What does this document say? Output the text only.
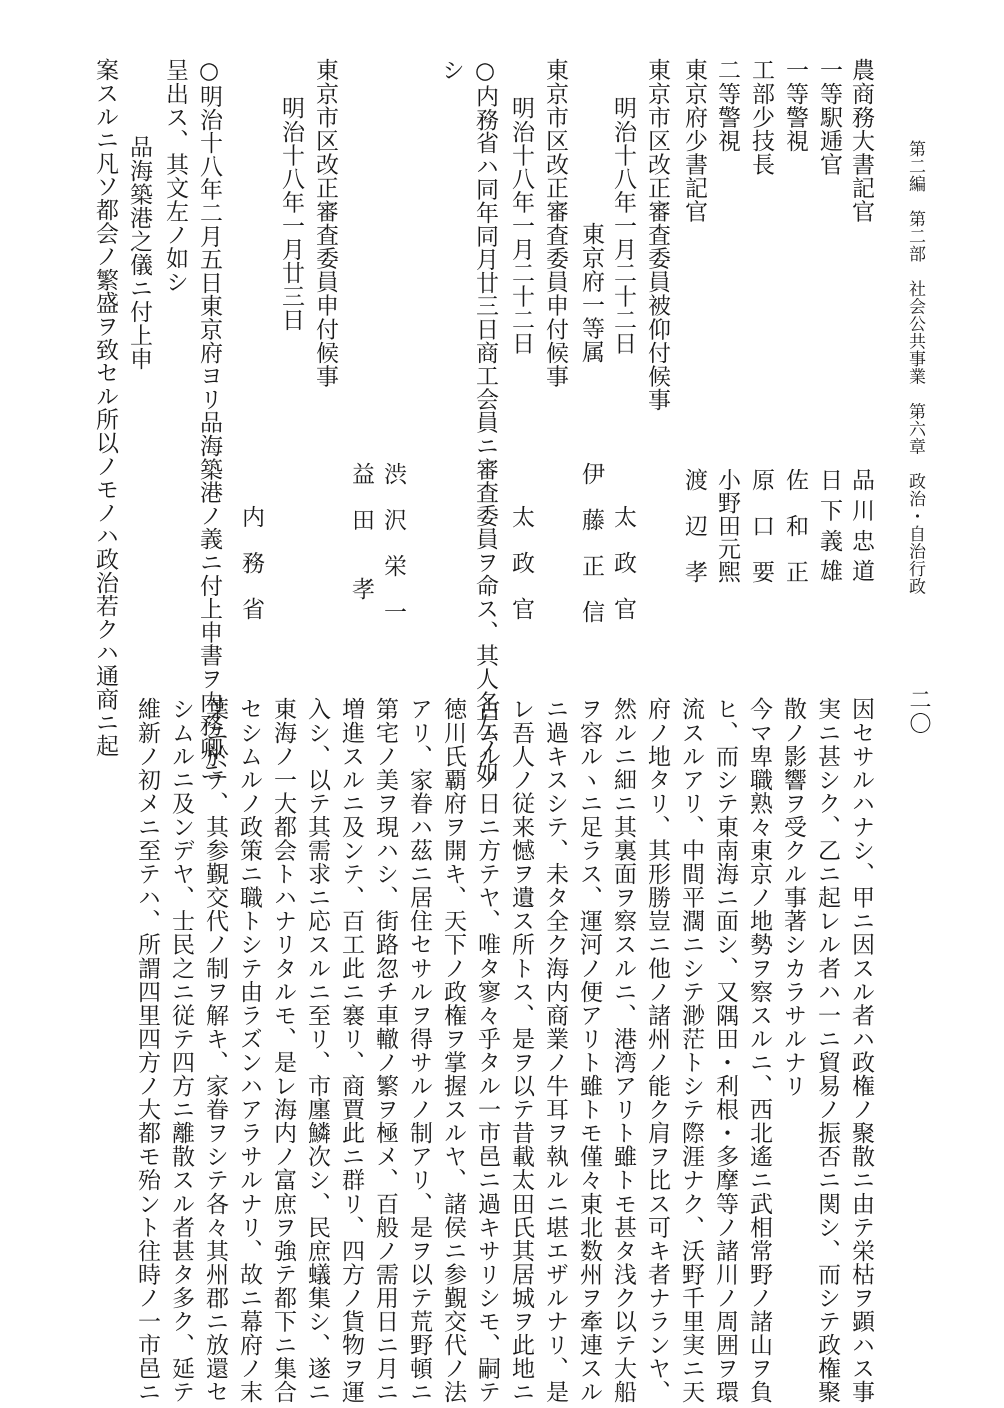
第二編　第二部　社会公共事業　第六章　政治・自治行政
農商務大書記官
品 川 忠 道
一等駅逓官
日 下 義 雄
一等警視
佐　和　正
工部少技長
原　口　要
二等警視
小野田元煕
東京府少書記官
渡　辺　孝
東京市区改正審査委員被仰付候事
明治十八年一月二十二日
太　政　官
東京府一等属
伊　藤　正　信
東京市区改正審査委員申付候事
明治十八年一月二十二日
太　政　官
○内務省ハ同年同月廿三日商工会員ニ審査委員ヲ命ス、其人名左ノ如
シ
渋　沢　栄　一
益　田　　孝
東京市区改正審査委員申付候事
明治十八年一月廿三日
内　務　省
○明治十八年二月五日東京府ヨリ品海築港ノ義ニ付上申書ヲ内務卿ニ
呈出ス、其文左ノ如シ
品海築港之儀ニ付上申
案スルニ凡ソ都会ノ繁盛ヲ致セル所以ノモノハ政治若クハ通商ニ起	二〇
因セサルハナシ、甲ニ因スル者ハ政権ノ聚散ニ由テ栄枯ヲ顕ハス事
実ニ甚シク、乙ニ起レル者ハ一ニ貿易ノ振否ニ関シ、而シテ政権聚
散ノ影響ヲ受クル事著シカラサルナリ
今マ卑職熟々東京ノ地勢ヲ察スルニ、西北遙ニ武相常野ノ諸山ヲ負
ヒ、而シテ東南海ニ面シ、又隅田・利根・多摩等ノ諸川ノ周囲ヲ環
流スルアリ、中間平濶ニシテ渺茫トシテ際涯ナク、沃野千里実ニ天
府ノ地タリ、其形勝豈ニ他ノ諸州ノ能ク肩ヲ比ス可キ者ナランヤ、
然ルニ細ニ其裏面ヲ察スルニ、港湾アリト雖トモ甚タ浅ク以テ大船
ヲ容ルヽニ足ラス、運河ノ便アリト雖トモ僅々東北数州ヲ牽連スル
ニ過キスシテ、未タ全ク海内商業ノ牛耳ヲ執ルニ堪エザルナリ、是
レ吾人ノ従来憾ヲ遺ス所トス、是ヲ以テ昔載太田氏其居城ヲ此地ニ
占ムルノ日ニ方テヤ、唯タ寥々乎タル一市邑ニ過キサリシモ、嗣テ
徳川氏覇府ヲ開キ、天下ノ政権ヲ掌握スルヤ、諸侯ニ参覲交代ノ法
アリ、家眷ハ茲ニ居住セサルヲ得サルノ制アリ、是ヲ以テ荒野頓ニ
第宅ノ美ヲ現ハシ、街路忽チ車轍ノ繁ヲ極メ、百般ノ需用日ニ月ニ
増進スルニ及ンテ、百工此ニ褰リ、商賈此ニ群リ、四方ノ貨物ヲ運
入シ、以テ其需求ニ応スルニ至リ、市廛鱗次シ、民庶蟻集シ、遂ニ
東海ノ一大都会トハナリタルモ、是レ海内ノ富庶ヲ強テ都下ニ集合
セシムルノ政策ニ職トシテ由ラズンハアラサルナリ、故ニ幕府ノ末
葉ニ於テ、其参覲交代ノ制ヲ解キ、家眷ヲシテ各々其州郡ニ放還セ
シムルニ及ンデヤ、士民之ニ従テ四方ニ離散スル者甚タ多ク、延テ
維新ノ初メニ至テハ、所謂四里四方ノ大都モ殆ント往時ノ一市邑ニ
